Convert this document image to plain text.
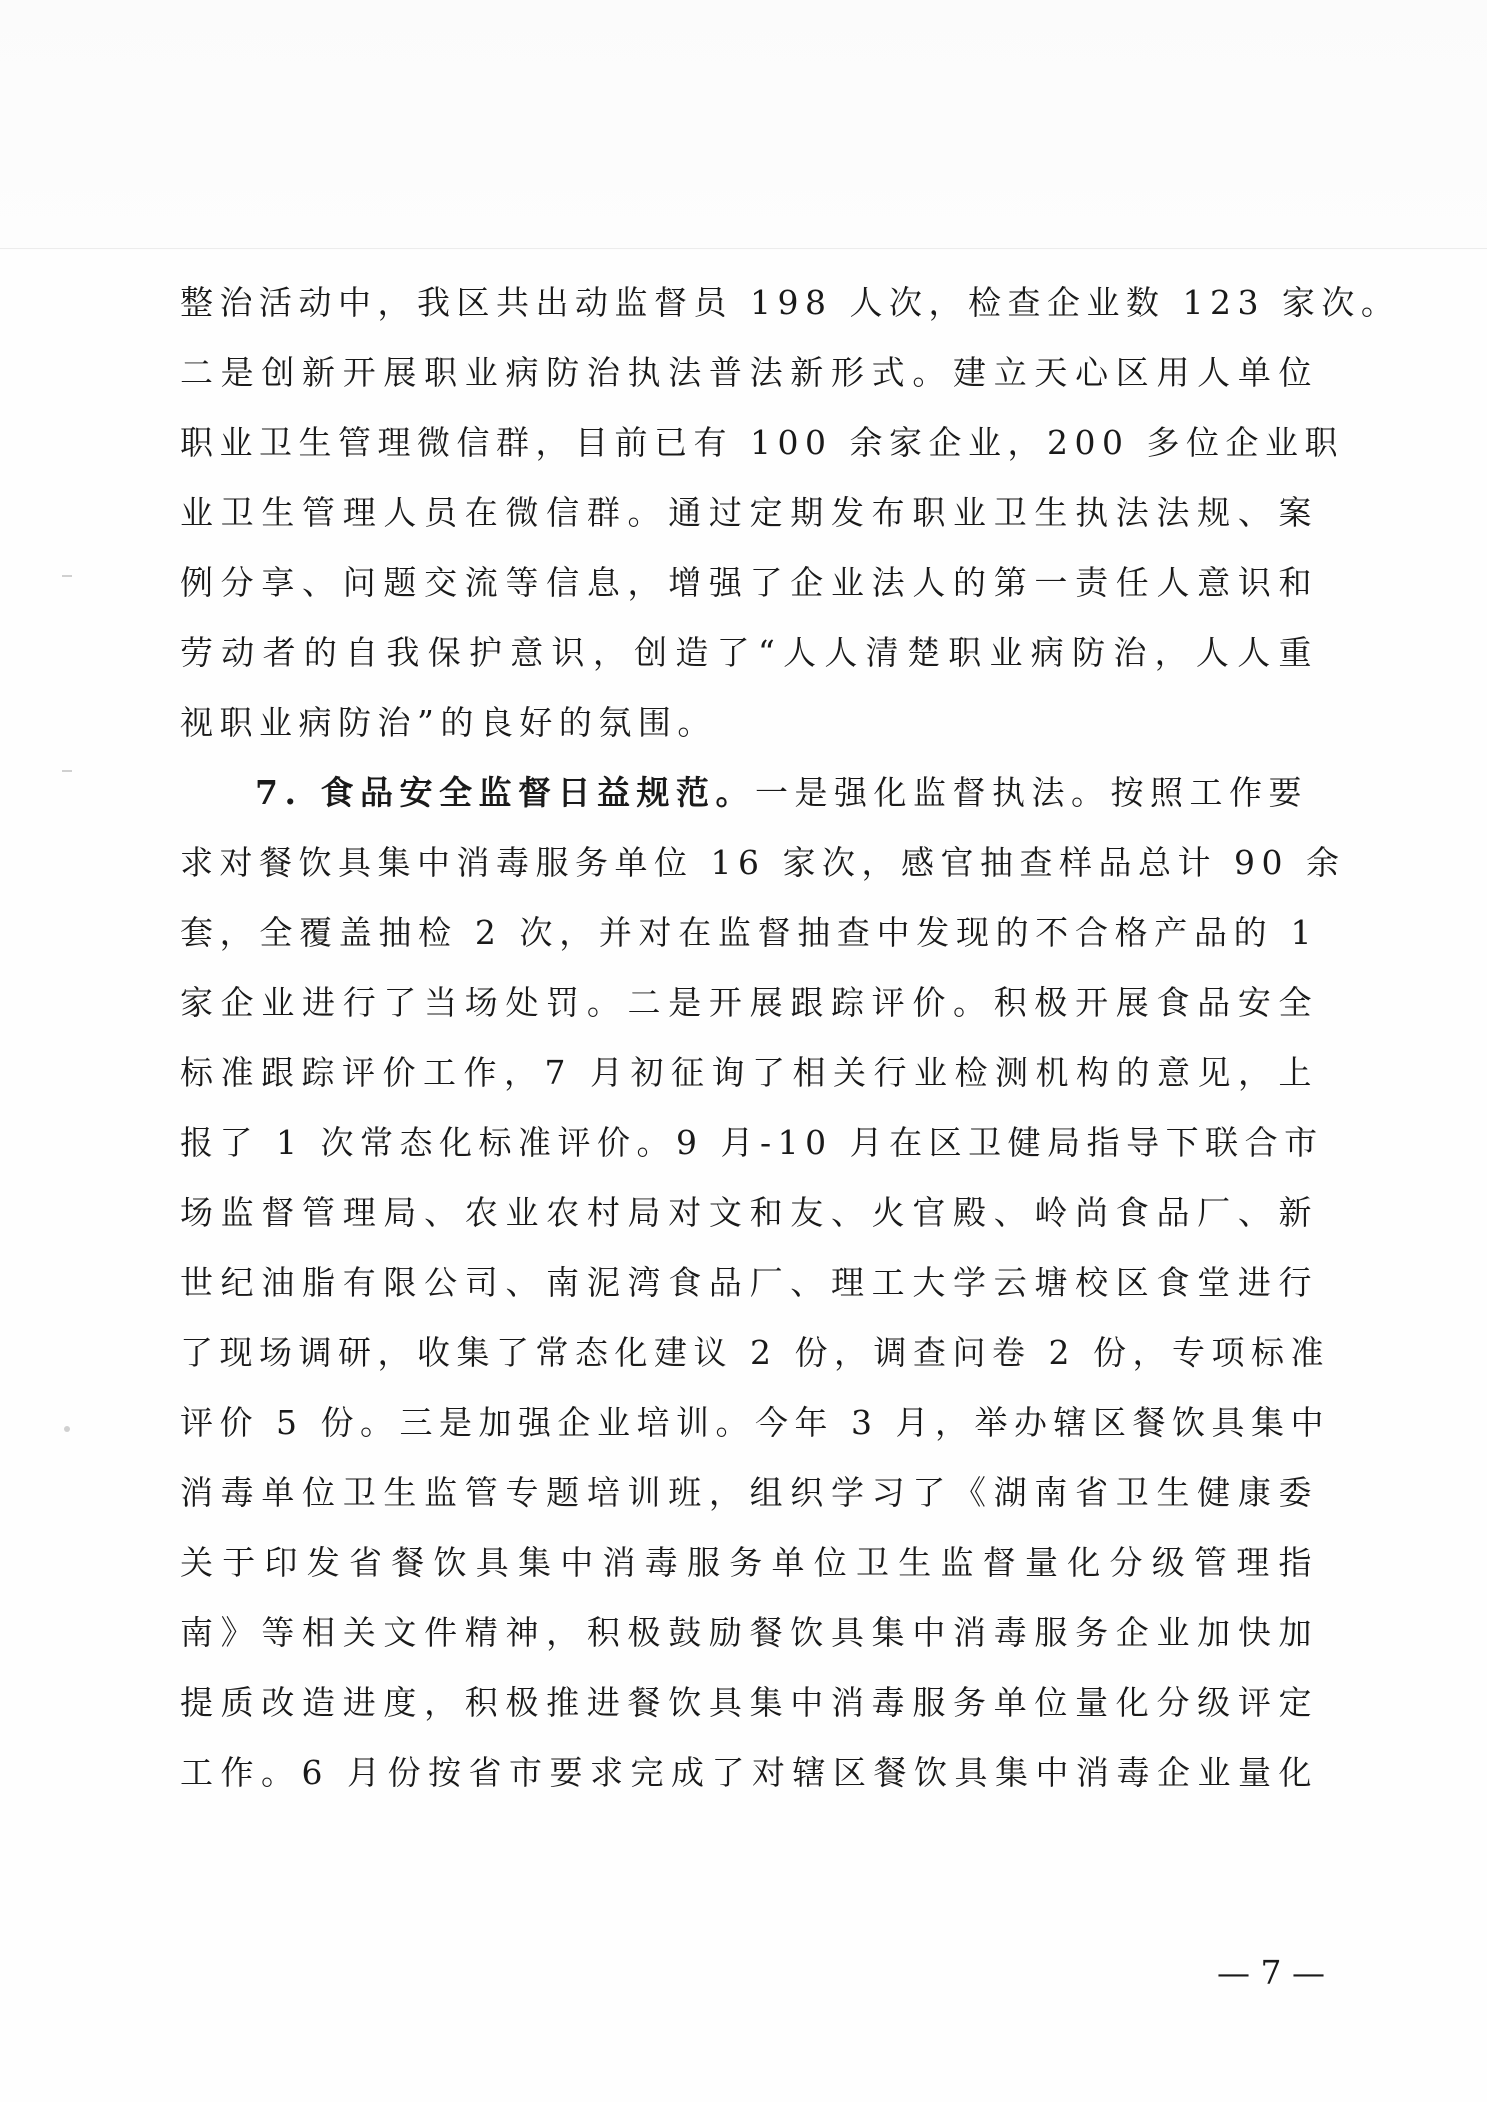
整治活动中，我区共出动监督员 198 人次，检查企业数 123 家次。
二是创新开展职业病防治执法普法新形式。建立天心区用人单位
职业卫生管理微信群，目前已有 100 余家企业，200 多位企业职
业卫生管理人员在微信群。通过定期发布职业卫生执法法规、案
例分享、问题交流等信息，增强了企业法人的第一责任人意识和
劳动者的自我保护意识，创造了“人人清楚职业病防治，人人重
视职业病防治”的良好的氛围。
7. 食品安全监督日益规范。一是强化监督执法。按照工作要
求对餐饮具集中消毒服务单位 16 家次，感官抽查样品总计 90 余
套，全覆盖抽检 2 次，并对在监督抽查中发现的不合格产品的 1
家企业进行了当场处罚。二是开展跟踪评价。积极开展食品安全
标准跟踪评价工作，7 月初征询了相关行业检测机构的意见，上
报了 1 次常态化标准评价。9 月-10 月在区卫健局指导下联合市
场监督管理局、农业农村局对文和友、火官殿、岭尚食品厂、新
世纪油脂有限公司、南泥湾食品厂、理工大学云塘校区食堂进行
了现场调研，收集了常态化建议 2 份，调查问卷 2 份，专项标准
评价 5 份。三是加强企业培训。今年 3 月，举办辖区餐饮具集中
消毒单位卫生监管专题培训班，组织学习了《湖南省卫生健康委
关于印发省餐饮具集中消毒服务单位卫生监督量化分级管理指
南》等相关文件精神，积极鼓励餐饮具集中消毒服务企业加快加
提质改造进度，积极推进餐饮具集中消毒服务单位量化分级评定
工作。6 月份按省市要求完成了对辖区餐饮具集中消毒企业量化
— 7 —
